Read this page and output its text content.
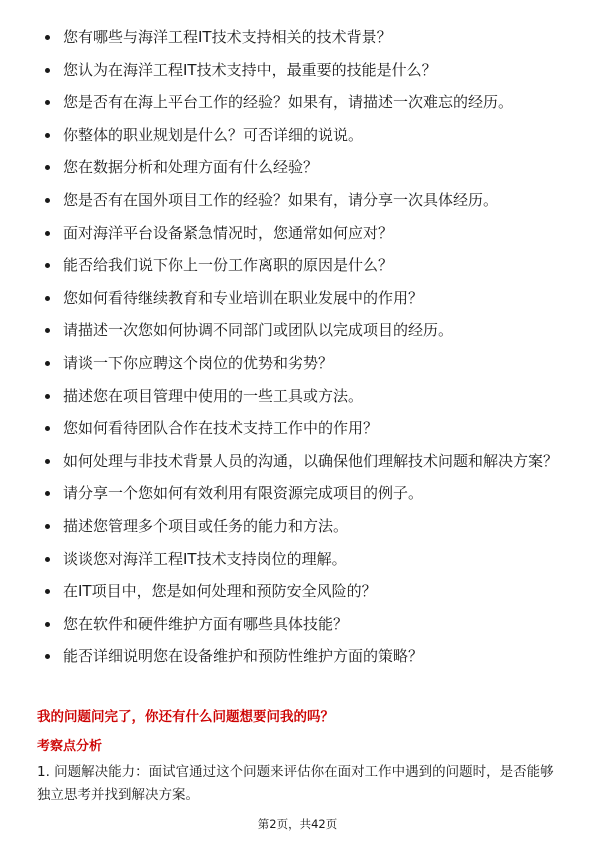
您有哪些与海洋工程IT技术支持相关的技术背景？
您认为在海洋工程IT技术支持中，最重要的技能是什么？
您是否有在海上平台工作的经验？如果有，请描述一次难忘的经历。
你整体的职业规划是什么？可否详细的说说。
您在数据分析和处理方面有什么经验？
您是否有在国外项目工作的经验？如果有，请分享一次具体经历。
面对海洋平台设备紧急情况时，您通常如何应对？
能否给我们说下你上一份工作离职的原因是什么？
您如何看待继续教育和专业培训在职业发展中的作用？
请描述一次您如何协调不同部门或团队以完成项目的经历。
请谈一下你应聘这个岗位的优势和劣势？
描述您在项目管理中使用的一些工具或方法。
您如何看待团队合作在技术支持工作中的作用？
如何处理与非技术背景人员的沟通，以确保他们理解技术问题和解决方案？
请分享一个您如何有效利用有限资源完成项目的例子。
描述您管理多个项目或任务的能力和方法。
谈谈您对海洋工程IT技术支持岗位的理解。
在IT项目中，您是如何处理和预防安全风险的？
您在软件和硬件维护方面有哪些具体技能？
能否详细说明您在设备维护和预防性维护方面的策略？
我的问题问完了，你还有什么问题想要问我的吗？
考察点分析
1. 问题解决能力：面试官通过这个问题来评估你在面对工作中遇到的问题时，是否能够独立思考并找到解决方案。
第2页，共42页
